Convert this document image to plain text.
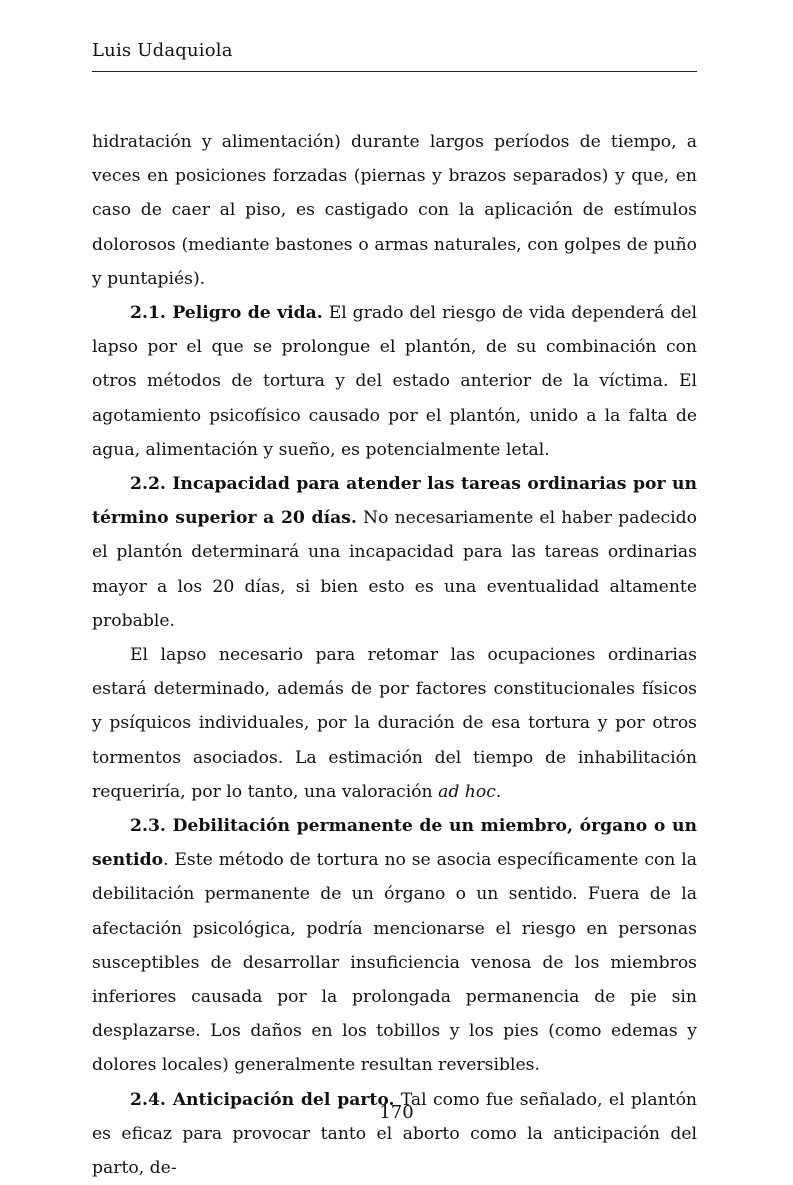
Luis Udaquiola

hidratación y alimentación) durante largos períodos de tiempo, a veces en posiciones forzadas (piernas y brazos separados) y que, en caso de caer al piso, es castigado con la aplicación de estímulos dolorosos (mediante bastones o armas naturales, con golpes de puño y puntapiés).

2.1. Peligro de vida. El grado del riesgo de vida dependerá del lapso por el que se prolongue el plantón, de su combinación con otros métodos de tortura y del estado anterior de la víctima. El agotamiento psicofísico causado por el plantón, unido a la falta de agua, alimentación y sueño, es potencialmente letal.

2.2. Incapacidad para atender las tareas ordinarias por un término superior a 20 días. No necesariamente el haber padecido el plantón determinará una incapacidad para las tareas ordinarias mayor a los 20 días, si bien esto es una eventualidad altamente probable.

El lapso necesario para retomar las ocupaciones ordinarias estará determinado, además de por factores constitucionales físicos y psíquicos individuales, por la duración de esa tortura y por otros tormentos asociados. La estimación del tiempo de inhabilitación requeriría, por lo tanto, una valoración ad hoc.

2.3. Debilitación permanente de un miembro, órgano o un sentido. Este método de tortura no se asocia específicamente con la debilitación permanente de un órgano o un sentido. Fuera de la afectación psicológica, podría mencionarse el riesgo en personas susceptibles de desarrollar insuficiencia venosa de los miembros inferiores causada por la prolongada permanencia de pie sin desplazarse. Los daños en los tobillos y los pies (como edemas y dolores locales) generalmente resultan reversibles.

2.4. Anticipación del parto. Tal como fue señalado, el plantón es eficaz para provocar tanto el aborto como la anticipación del parto, de-

170
